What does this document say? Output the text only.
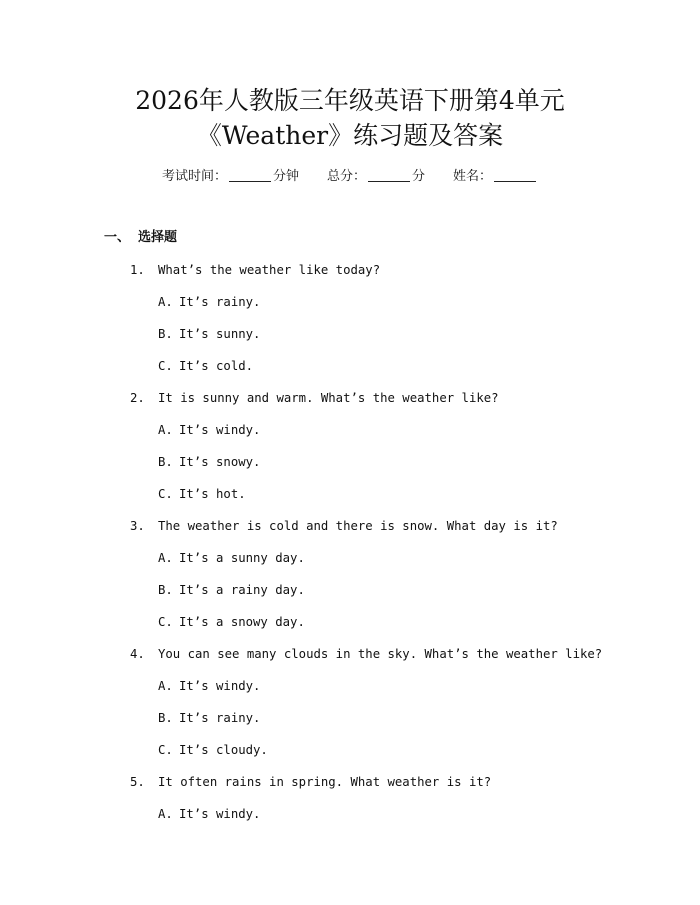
2026年人教版三年级英语下册第4单元
《Weather》练习题及答案
考试时间：	分钟 总分：	分 姓名：
一、 选择题
1. What’s the weather like today?
A. It’s rainy.
B. It’s sunny.
C. It’s cold.
2. It is sunny and warm. What’s the weather like?
A. It’s windy.
B. It’s snowy.
C. It’s hot.
3. The weather is cold and there is snow. What day is it?
A. It’s a sunny day.
B. It’s a rainy day.
C. It’s a snowy day.
4. You can see many clouds in the sky. What’s the weather like?
A. It’s windy.
B. It’s rainy.
C. It’s cloudy.
5. It often rains in spring. What weather is it?
A. It’s windy.
